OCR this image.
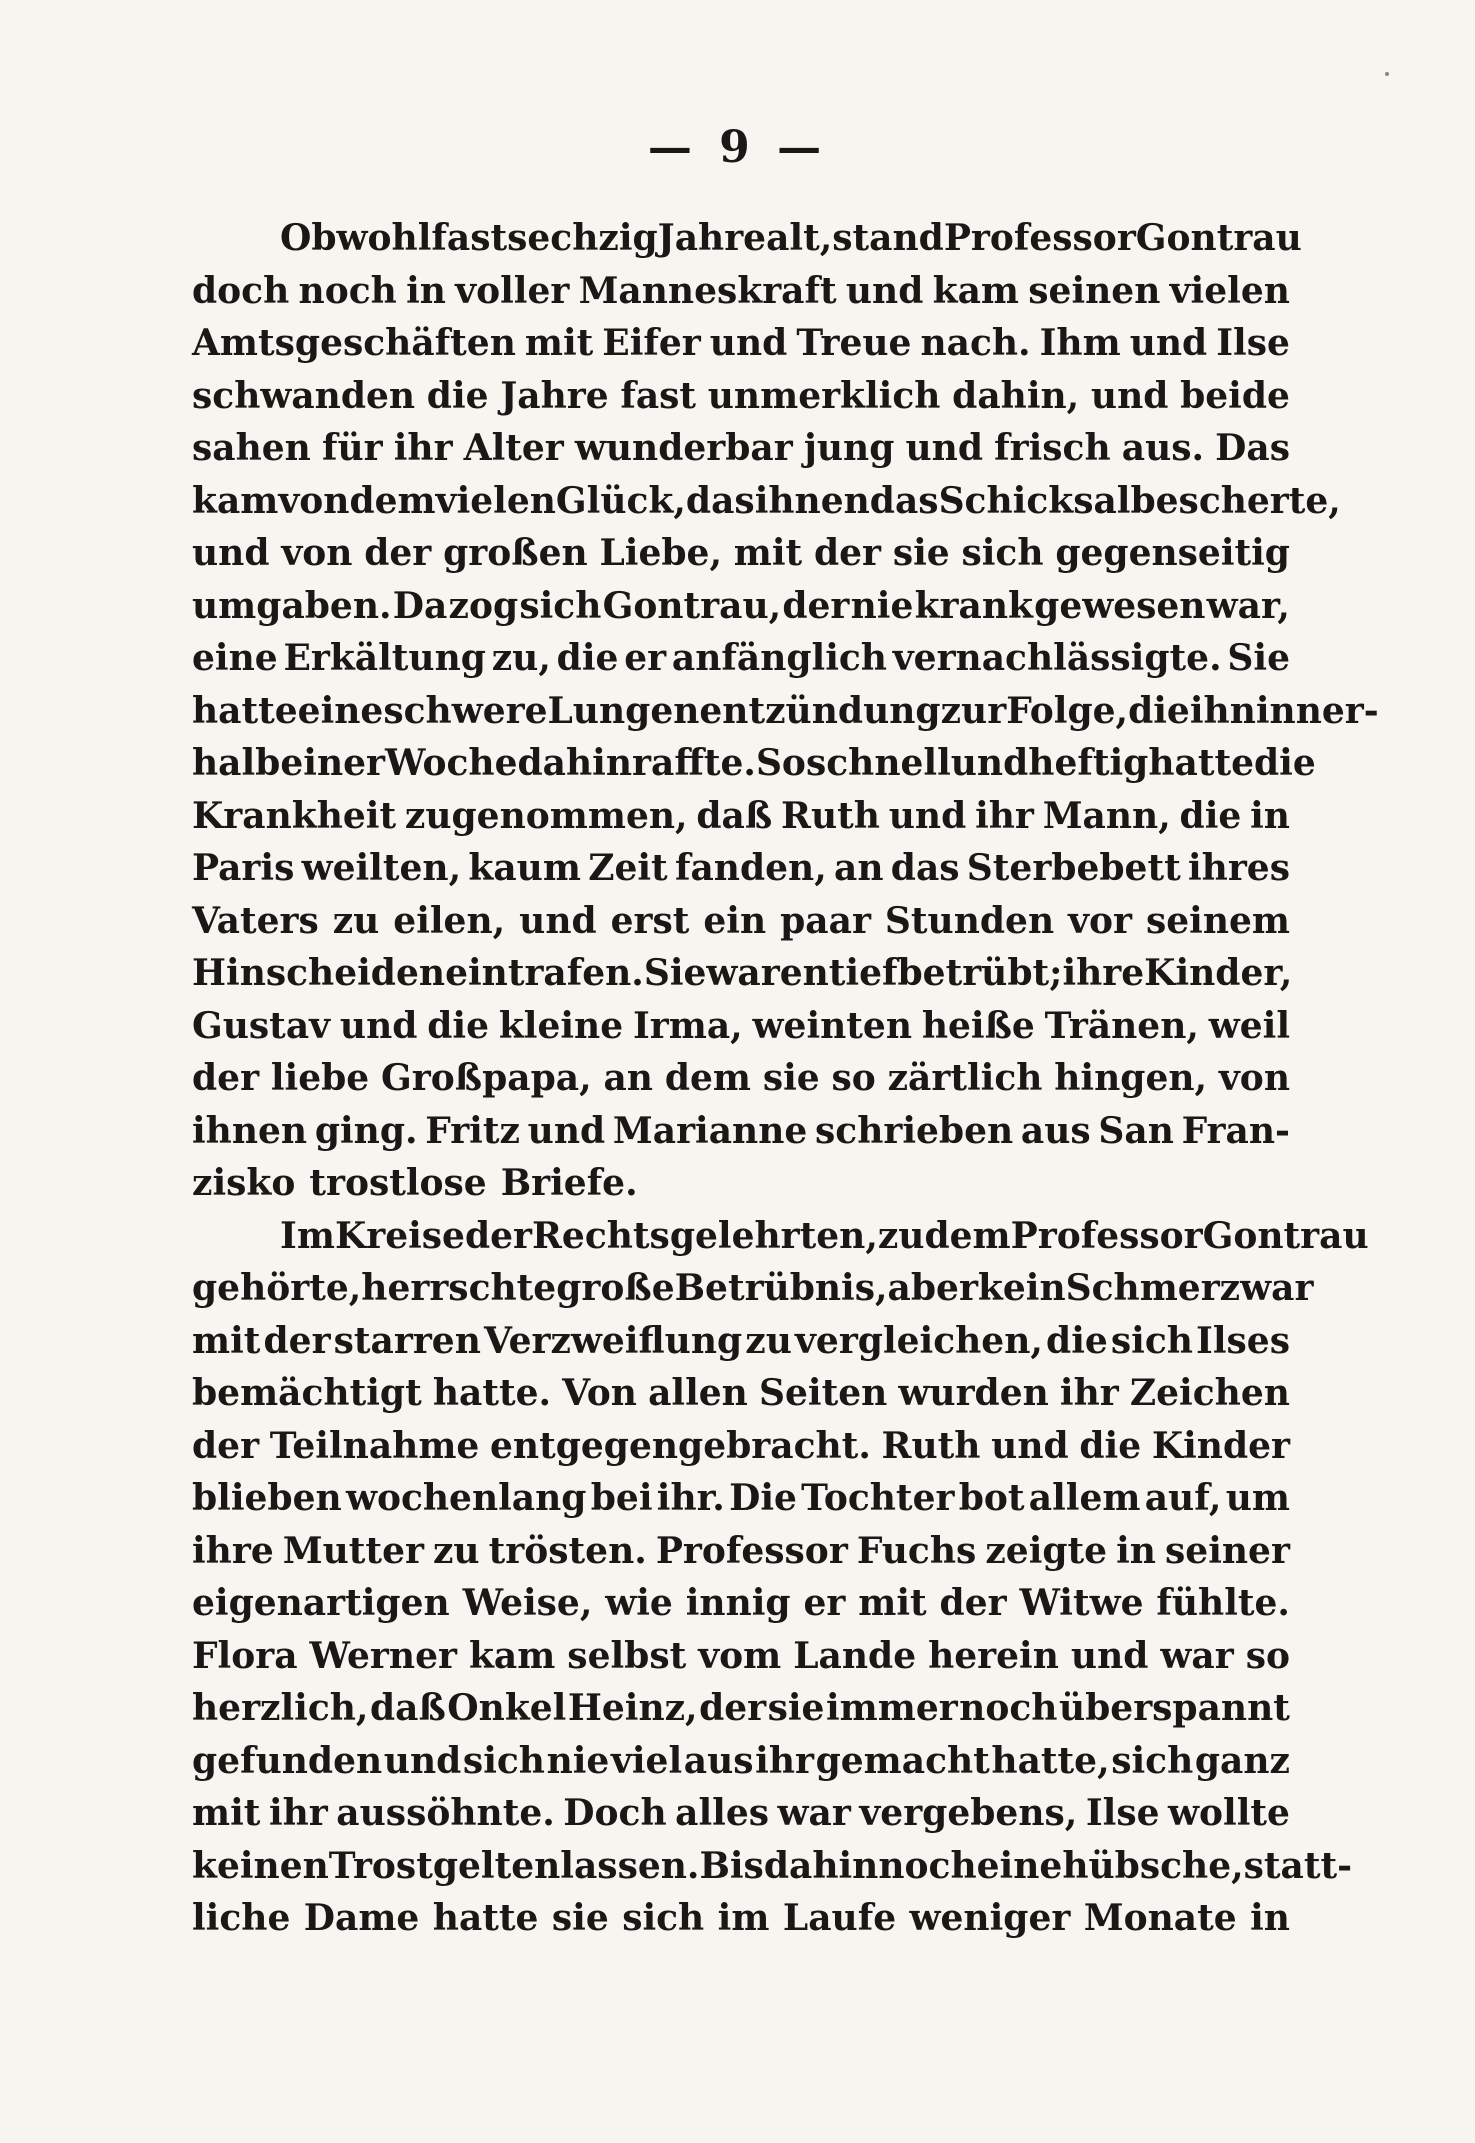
— 9 —
Obwohl fast sechzig Jahre alt, stand Professor Gontrau
doch noch in voller Manneskraft und kam seinen vielen
Amtsgeschäften mit Eifer und Treue nach. Ihm und Ilse
schwanden die Jahre fast unmerklich dahin, und beide
sahen für ihr Alter wunderbar jung und frisch aus. Das
kam von dem vielen Glück, das ihnen das Schicksal bescherte,
und von der großen Liebe, mit der sie sich gegenseitig
umgaben. Da zog sich Gontrau, der nie krank gewesen war,
eine Erkältung zu, die er anfänglich vernachlässigte. Sie
hatte eine schwere Lungenentzündung zur Folge, die ihn inner-
halb einer Woche dahinraffte. So schnell und heftig hatte die
Krankheit zugenommen, daß Ruth und ihr Mann, die in
Paris weilten, kaum Zeit fanden, an das Sterbebett ihres
Vaters zu eilen, und erst ein paar Stunden vor seinem
Hinscheiden eintrafen. Sie waren tief betrübt; ihre Kinder,
Gustav und die kleine Irma, weinten heiße Tränen, weil
der liebe Großpapa, an dem sie so zärtlich hingen, von
ihnen ging. Fritz und Marianne schrieben aus San Fran-
zisko trostlose Briefe.
Im Kreise der Rechtsgelehrten, zu dem Professor Gontrau
gehörte, herrschte große Betrübnis, aber kein Schmerz war
mit der starren Verzweiflung zu vergleichen, die sich Ilses
bemächtigt hatte. Von allen Seiten wurden ihr Zeichen
der Teilnahme entgegengebracht. Ruth und die Kinder
blieben wochenlang bei ihr. Die Tochter bot allem auf, um
ihre Mutter zu trösten. Professor Fuchs zeigte in seiner
eigenartigen Weise, wie innig er mit der Witwe fühlte.
Flora Werner kam selbst vom Lande herein und war so
herzlich, daß Onkel Heinz, der sie immer noch überspannt
gefunden und sich nie viel aus ihr gemacht hatte, sich ganz
mit ihr aussöhnte. Doch alles war vergebens, Ilse wollte
keinen Trost gelten lassen. Bis dahin noch eine hübsche, statt-
liche Dame hatte sie sich im Laufe weniger Monate in
